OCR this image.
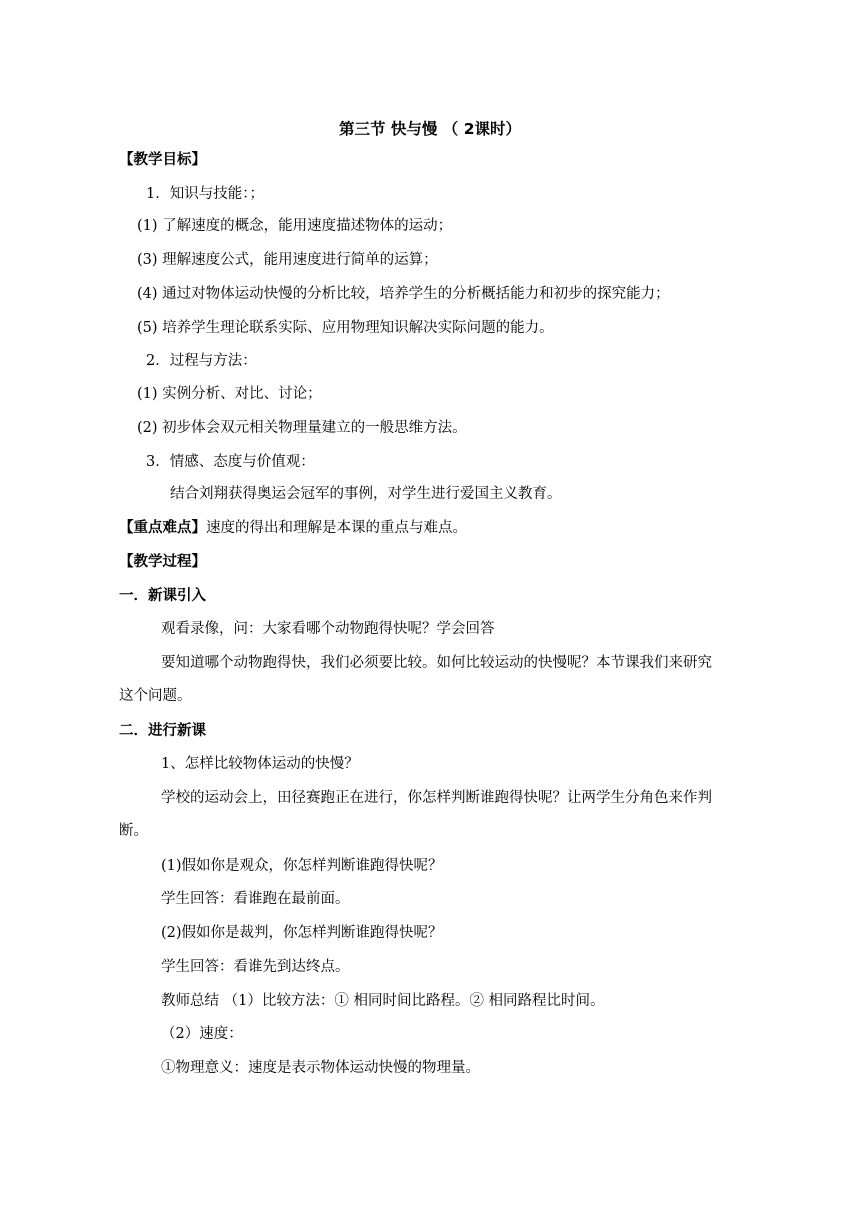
第三节 快与慢 （ 2课时）
【教学目标】
1．知识与技能：；
(1) 了解速度的概念，能用速度描述物体的运动；
(3) 理解速度公式，能用速度进行简单的运算；
(4) 通过对物体运动快慢的分析比较，培养学生的分析概括能力和初步的探究能力；
(5) 培养学生理论联系实际、应用物理知识解决实际问题的能力。
2．过程与方法：
(1) 实例分析、对比、讨论；
(2) 初步体会双元相关物理量建立的一般思维方法。
3．情感、态度与价值观：
结合刘翔获得奥运会冠军的事例，对学生进行爱国主义教育。
【重点难点】速度的得出和理解是本课的重点与难点。
【教学过程】
一．新课引入
观看录像，问：大家看哪个动物跑得快呢？学会回答
要知道哪个动物跑得快，我们必须要比较。如何比较运动的快慢呢？本节课我们来研究
这个问题。
二．进行新课
1、怎样比较物体运动的快慢？
学校的运动会上，田径赛跑正在进行，你怎样判断谁跑得快呢？让两学生分角色来作判
断。
(1)假如你是观众，你怎样判断谁跑得快呢？
学生回答：看谁跑在最前面。
(2)假如你是裁判，你怎样判断谁跑得快呢？
学生回答：看谁先到达终点。
教师总结 （1）比较方法：① 相同时间比路程。② 相同路程比时间。
（2）速度：
①物理意义：速度是表示物体运动快慢的物理量。
